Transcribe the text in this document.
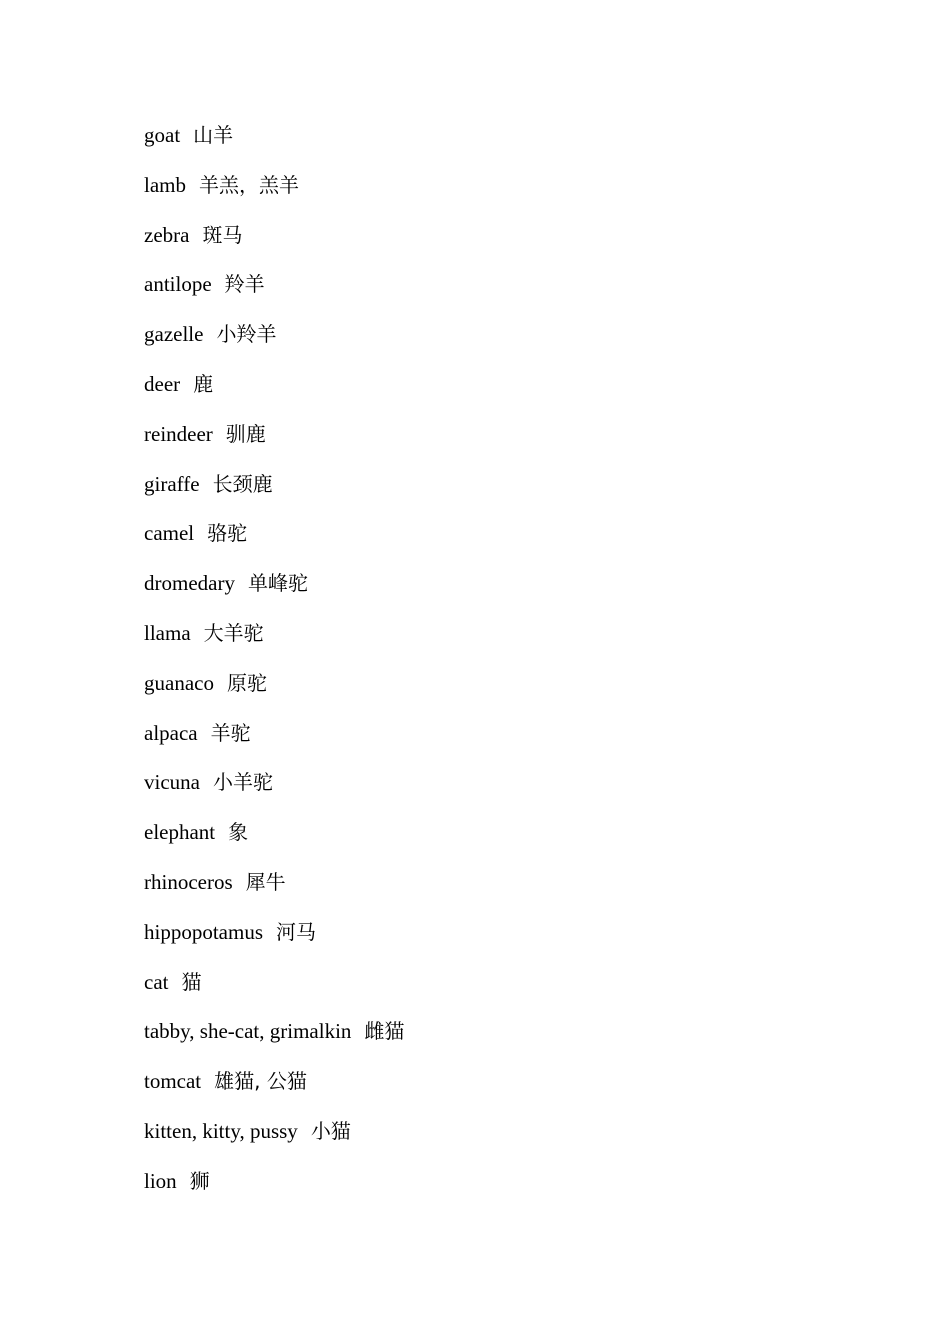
goat 山羊
lamb 羊羔，羔羊
zebra 斑马
antilope 羚羊
gazelle 小羚羊
deer 鹿
reindeer 驯鹿
giraffe 长颈鹿
camel 骆驼
dromedary 单峰驼
llama 大羊驼
guanaco 原驼
alpaca 羊驼
vicuna 小羊驼
elephant 象
rhinoceros 犀牛
hippopotamus 河马
cat 猫
tabby, she-cat, grimalkin 雌猫
tomcat 雄猫, 公猫
kitten, kitty, pussy 小猫
lion 狮
